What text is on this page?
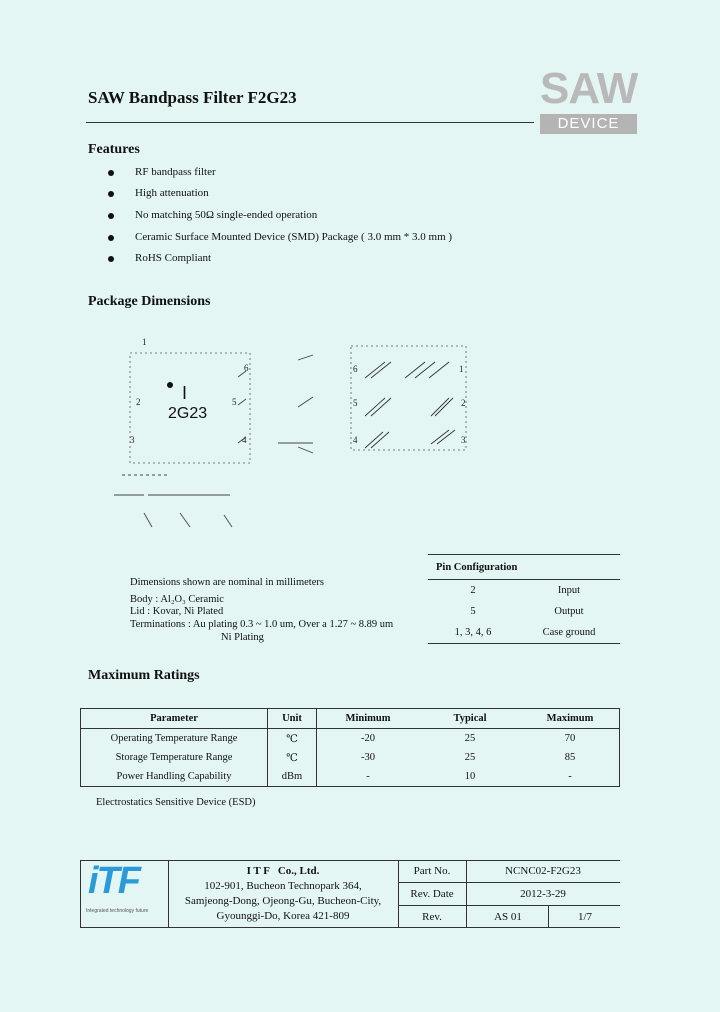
SAW Bandpass Filter F2G23	SAW
DEVICE
Features
RF bandpass filter
High attenuation
No matching 50Ω single-ended operation
Ceramic Surface Mounted Device (SMD) Package ( 3.0 mm * 3.0 mm )
RoHS Compliant
Package Dimensions
I
2G23
1
2
3
6
5
4
6
5
4
1
2
3
Dimensions shown are nominal in millimeters
Body : Al₂O₃ Ceramic
Lid : Kovar, Ni Plated
Terminations : Au plating 0.3 ~ 1.0 um, Over a 1.27 ~ 8.89 um
Ni Plating
Pin Configuration	
2	Input
5	Output
1, 3, 4, 6	Case ground
Maximum Ratings
Parameter	Unit	Minimum	Typical	Maximum
Operating Temperature Range	℃	-20	25	70
Storage Temperature Range	℃	-30	25	85
Power Handling Capability	dBm	-	10	-
Electrostatics Sensitive Device (ESD)
iTF
Integrated technology future
I T F   Co., Ltd.
102-901, Bucheon Technopark 364,
Samjeong-Dong, Ojeong-Gu, Bucheon-City,
Gyounggi-Do, Korea 421-809
Part No.	NCNC02-F2G23
Rev. Date	2012-3-29
Rev.	AS 01	1/7
